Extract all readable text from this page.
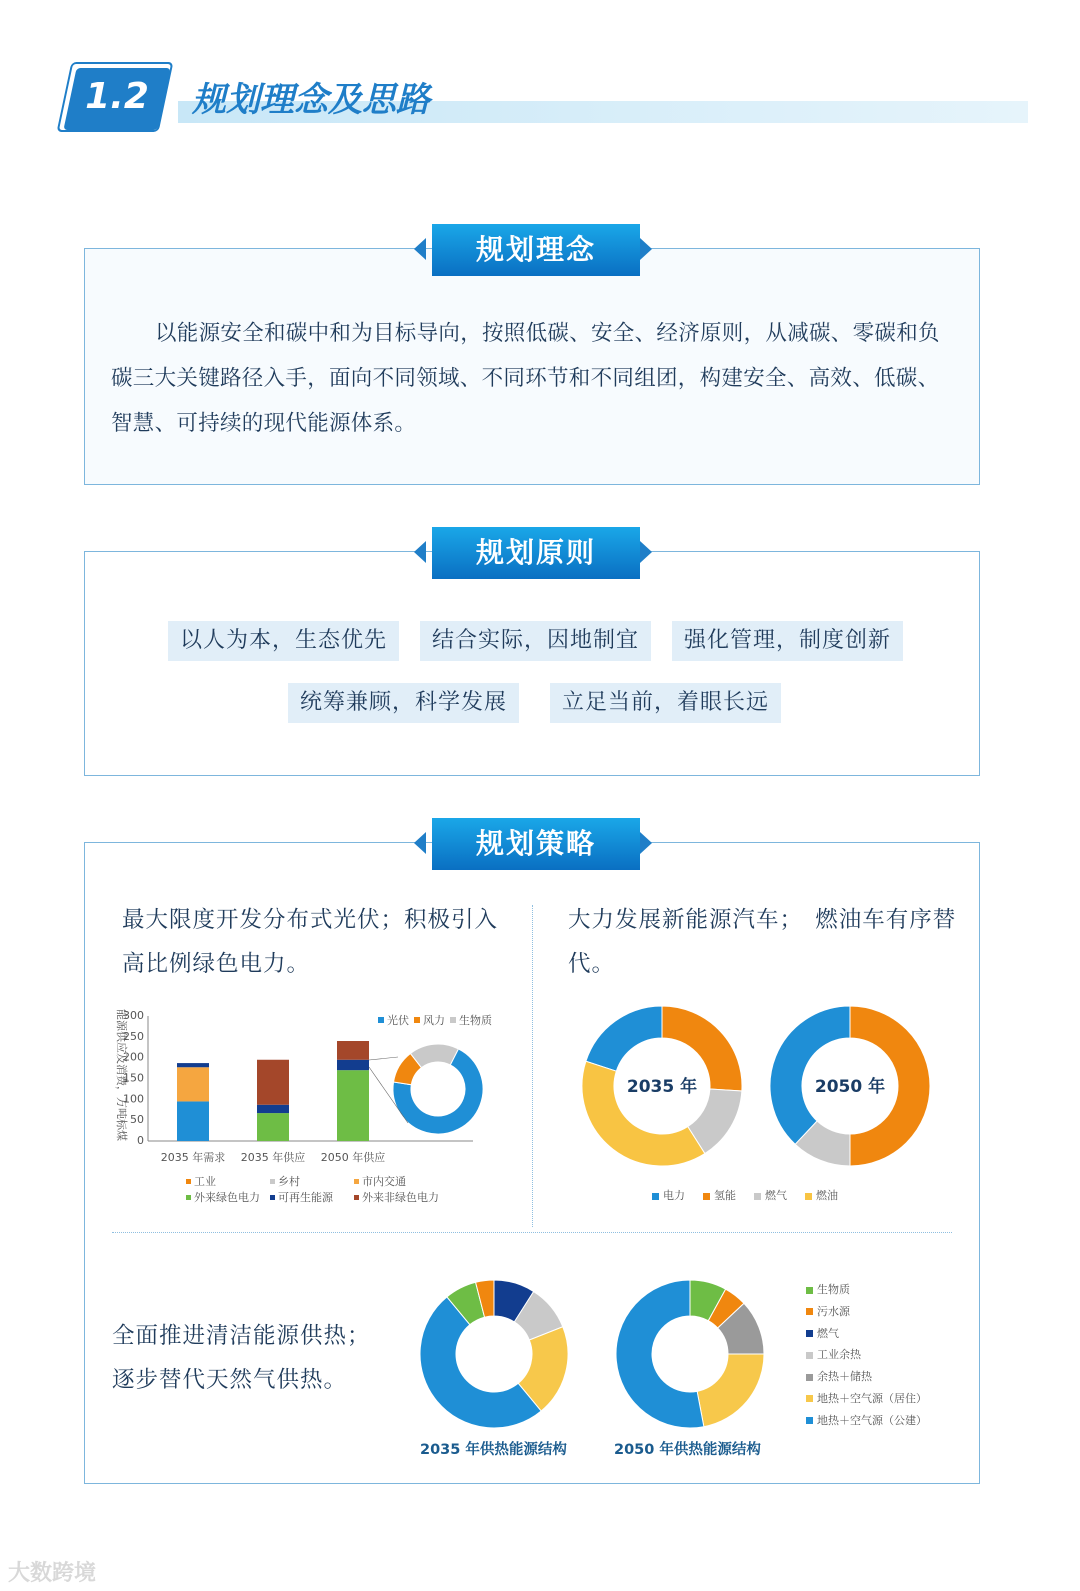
1.2	规划理念及思路
以能源安全和碳中和为目标导向，按照低碳、安全、经济原则，从减碳、零碳和负碳三大关键路径入手，面向不同领域、不同环节和不同组团，构建安全、高效、低碳、智慧、可持续的现代能源体系。
规划理念
规划原则
以人为本，生态优先	结合实际，因地制宜	强化管理，制度创新
统筹兼顾，科学发展	立足当前，着眼长远
规划策略
最大限度开发分布式光伏；积极引入高比例绿色电力。
大力发展新能源汽车；　燃油车有序替代。
全面推进清洁能源供热；
逐步替代天然气供热。
0
50
100
150
200
250
300
能源供应及消费，万吨标煤
2035 年需求 2035 年供应 2050 年供应
光伏 风力 生物质
工业	乡村	市内交通
外来绿色电力 可再生能源	外来非绿色电力
2035 年	2050 年
电力	氢能	燃气	燃油
2035 年供热能源结构	2050 年供热能源结构
生物质
污水源
燃气
工业余热
余热＋储热
地热＋空气源（居住）
地热＋空气源（公建）
大数跨境
